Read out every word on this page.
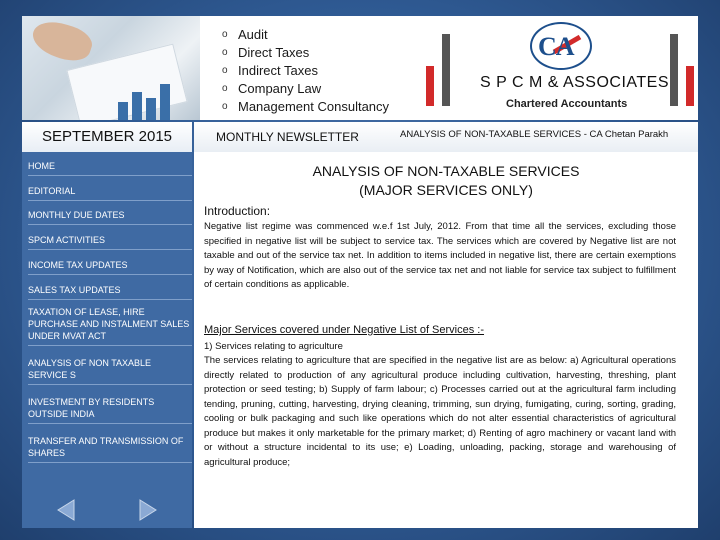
o Audit
o Direct Taxes
o Indirect Taxes
o Company Law
o Management Consultancy
CA
S P C M & ASSOCIATES
Chartered Accountants
SEPTEMBER 2015	MONTHLY NEWSLETTER	ANALYSIS OF NON-TAXABLE SERVICES - CA Chetan Parakh
HOME
EDITORIAL
MONTHLY DUE DATES
SPCM ACTIVITIES
INCOME TAX UPDATES
SALES TAX UPDATES
TAXATION OF LEASE, HIRE PURCHASE AND INSTALMENT SALES UNDER MVAT ACT
ANALYSIS OF NON TAXABLE SERVICE S
INVESTMENT BY RESIDENTS OUTSIDE INDIA
TRANSFER AND TRANSMISSION OF SHARES
ANALYSIS OF NON-TAXABLE SERVICES
(MAJOR SERVICES ONLY)
Introduction:

Negative list regime was commenced w.e.f 1st July, 2012. From that time all the services, excluding those specified in negative list will be subject to service tax. The services which are covered by Negative list are not taxable and out of the service tax net. In addition to items included in negative list, there are certain exemptions by way of Notification, which are also out of the service tax net and not liable for service tax subject to fulfillment of certain conditions as applicable.

Major Services covered under Negative List of Services :-
1) Services relating to agriculture

The services relating to agriculture that are specified in the negative list are as below: a) Agricultural operations directly related to production of any agricultural produce including cultivation, harvesting, threshing, plant protection or seed testing; b) Supply of farm labour; c) Processes carried out at the agricultural farm including tending, pruning, cutting, harvesting, drying cleaning, trimming, sun drying, fumigating, curing, sorting, grading, cooling or bulk packaging and such like operations which do not alter essential characteristics of agricultural produce but makes it only marketable for the primary market; d) Renting of agro machinery or vacant land with or without a structure incidental to its use; e) Loading, unloading, packing, storage and warehousing of agricultural produce;
